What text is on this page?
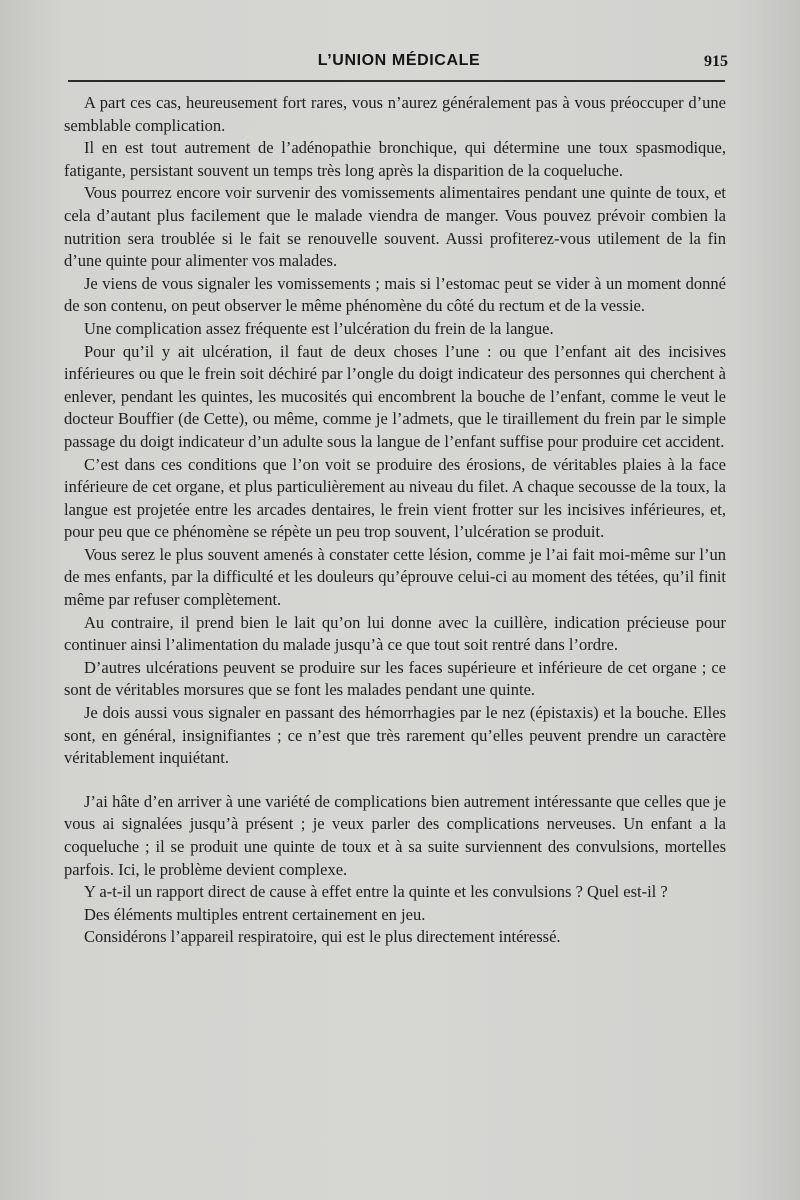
L’UNION MÉDICALE	915

A part ces cas, heureusement fort rares, vous n’aurez généralement pas à vous préoccuper d’une semblable complication.

Il en est tout autrement de l’adénopathie bronchique, qui détermine une toux spasmodique, fatigante, persistant souvent un temps très long après la disparition de la coqueluche.

Vous pourrez encore voir survenir des vomissements alimentaires pendant une quinte de toux, et cela d’autant plus facilement que le malade viendra de manger. Vous pouvez prévoir combien la nutrition sera troublée si le fait se renouvelle souvent. Aussi profiterez-vous utilement de la fin d’une quinte pour alimenter vos malades.

Je viens de vous signaler les vomissements ; mais si l’estomac peut se vider à un moment donné de son contenu, on peut observer le même phénomène du côté du rectum et de la vessie.

Une complication assez fréquente est l’ulcération du frein de la langue.

Pour qu’il y ait ulcération, il faut de deux choses l’une : ou que l’enfant ait des incisives inférieures ou que le frein soit déchiré par l’ongle du doigt indicateur des personnes qui cherchent à enlever, pendant les quintes, les mucosités qui encombrent la bouche de l’enfant, comme le veut le docteur Bouffier (de Cette), ou même, comme je l’admets, que le tiraillement du frein par le simple passage du doigt indicateur d’un adulte sous la langue de l’enfant suffise pour produire cet accident.

C’est dans ces conditions que l’on voit se produire des érosions, de véritables plaies à la face inférieure de cet organe, et plus particulièrement au niveau du filet. A chaque secousse de la toux, la langue est projetée entre les arcades dentaires, le frein vient frotter sur les incisives inférieures, et, pour peu que ce phénomène se répète un peu trop souvent, l’ulcération se produit.

Vous serez le plus souvent amenés à constater cette lésion, comme je l’ai fait moi-même sur l’un de mes enfants, par la difficulté et les douleurs qu’éprouve celui-ci au moment des tétées, qu’il finit même par refuser complètement.

Au contraire, il prend bien le lait qu’on lui donne avec la cuillère, indication précieuse pour continuer ainsi l’alimentation du malade jusqu’à ce que tout soit rentré dans l’ordre.

D’autres ulcérations peuvent se produire sur les faces supérieure et inférieure de cet organe ; ce sont de véritables morsures que se font les malades pendant une quinte.

Je dois aussi vous signaler en passant des hémorrhagies par le nez (épistaxis) et la bouche. Elles sont, en général, insignifiantes ; ce n’est que très rarement qu’elles peuvent prendre un caractère véritablement inquiétant.

J’ai hâte d’en arriver à une variété de complications bien autrement intéressante que celles que je vous ai signalées jusqu’à présent ; je veux parler des complications nerveuses. Un enfant a la coqueluche ; il se produit une quinte de toux et à sa suite surviennent des convulsions, mortelles parfois. Ici, le problème devient complexe.

Y a-t-il un rapport direct de cause à effet entre la quinte et les convulsions ? Quel est-il ?

Des éléments multiples entrent certainement en jeu.

Considérons l’appareil respiratoire, qui est le plus directement intéressé.
